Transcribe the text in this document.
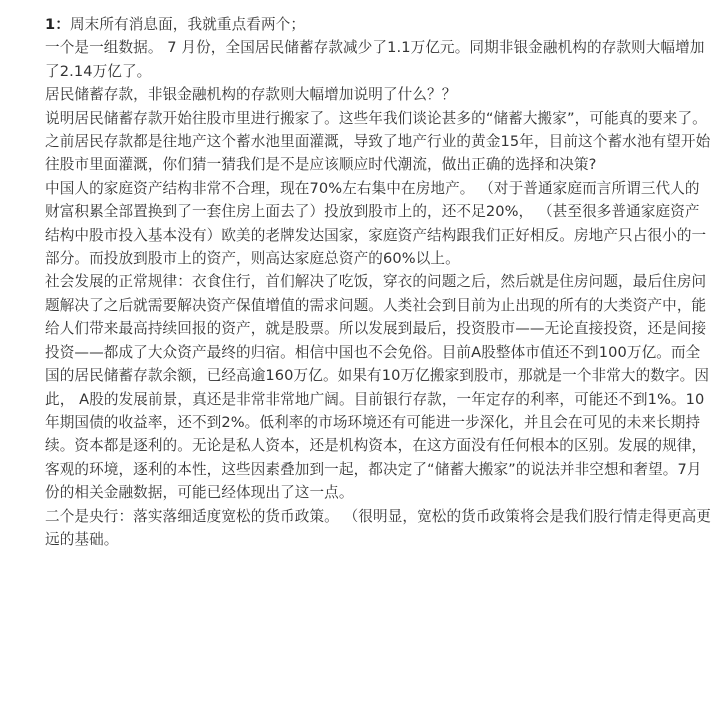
1：周末所有消息面，我就重点看两个；

一个是一组数据。 7 月份，全国居民储蓄存款减少了1.1万亿元。同期非银金融机构的存款则大幅增加了2.14万亿了。

居民储蓄存款，非银金融机构的存款则大幅增加说明了什么？？

说明居民储蓄存款开始往股市里进行搬家了。这些年我们谈论甚多的“储蓄大搬家”，可能真的要来了。之前居民存款都是往地产这个蓄水池里面灌溉，导致了地产行业的黄金15年，目前这个蓄水池有望开始往股市里面灌溉，你们猜一猜我们是不是应该顺应时代潮流，做出正确的选择和决策?

中国人的家庭资产结构非常不合理，现在70%左右集中在房地产。 （对于普通家庭而言所谓三代人的财富积累全部置换到了一套住房上面去了）投放到股市上的，还不足20%， （甚至很多普通家庭资产结构中股市投入基本没有）欧美的老牌发达国家，家庭资产结构跟我们正好相反。房地产只占很小的一部分。而投放到股市上的资产，则高达家庭总资产的60%以上。

社会发展的正常规律：衣食住行，首们解决了吃饭，穿衣的问题之后，然后就是住房问题，最后住房问题解决了之后就需要解决资产保值增值的需求问题。人类社会到目前为止出现的所有的大类资产中，能给人们带来最高持续回报的资产，就是股票。所以发展到最后，投资股市——无论直接投资，还是间接投资——都成了大众资产最终的归宿。相信中国也不会免俗。目前A股整体市值还不到100万亿。而全国的居民储蓄存款余额，已经高逾160万亿。如果有10万亿搬家到股市，那就是一个非常大的数字。因此， A股的发展前景，真还是非常非常地广阔。目前银行存款，一年定存的利率，可能还不到1%。10年期国债的收益率，还不到2%。低利率的市场环境还有可能进一步深化，并且会在可见的未来长期持续。资本都是逐利的。无论是私人资本，还是机构资本，在这方面没有任何根本的区别。发展的规律，客观的环境，逐利的本性，这些因素叠加到一起，都决定了“储蓄大搬家”的说法并非空想和奢望。7月份的相关金融数据，可能已经体现出了这一点。

二个是央行：落实落细适度宽松的货币政策。 （很明显，宽松的货币政策将会是我们股行情走得更高更远的基础。
